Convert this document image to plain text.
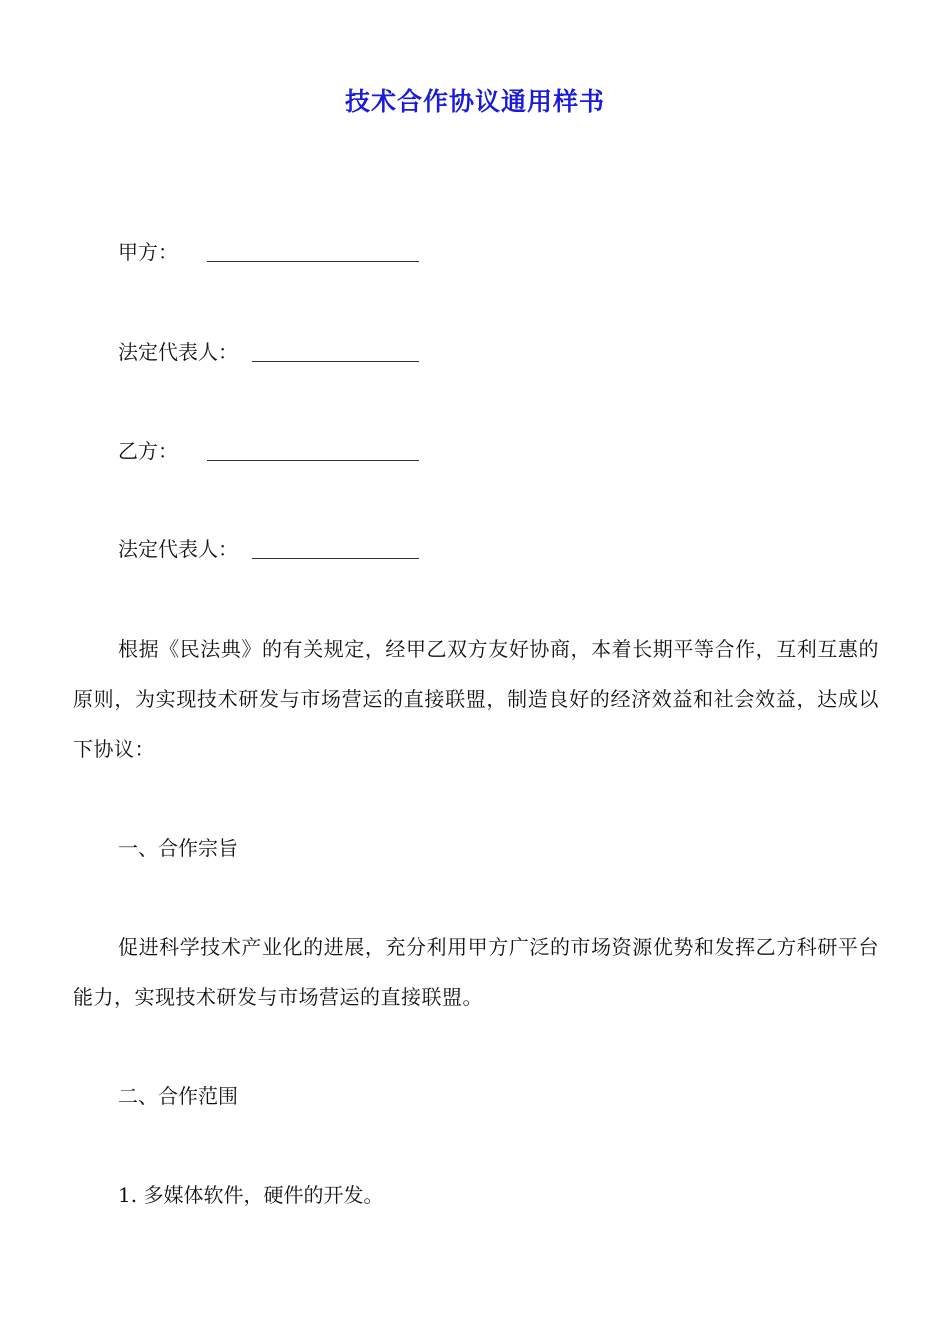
技术合作协议通用样书
甲方：
法定代表人：
乙方：
法定代表人：
根据《民法典》的有关规定，经甲乙双方友好协商，本着长期平等合作，互利互惠的原则，为实现技术研发与市场营运的直接联盟，制造良好的经济效益和社会效益，达成以下协议：
一、合作宗旨
促进科学技术产业化的进展，充分利用甲方广泛的市场资源优势和发挥乙方科研平台能力，实现技术研发与市场营运的直接联盟。
二、合作范围
1. 多媒体软件，硬件的开发。
